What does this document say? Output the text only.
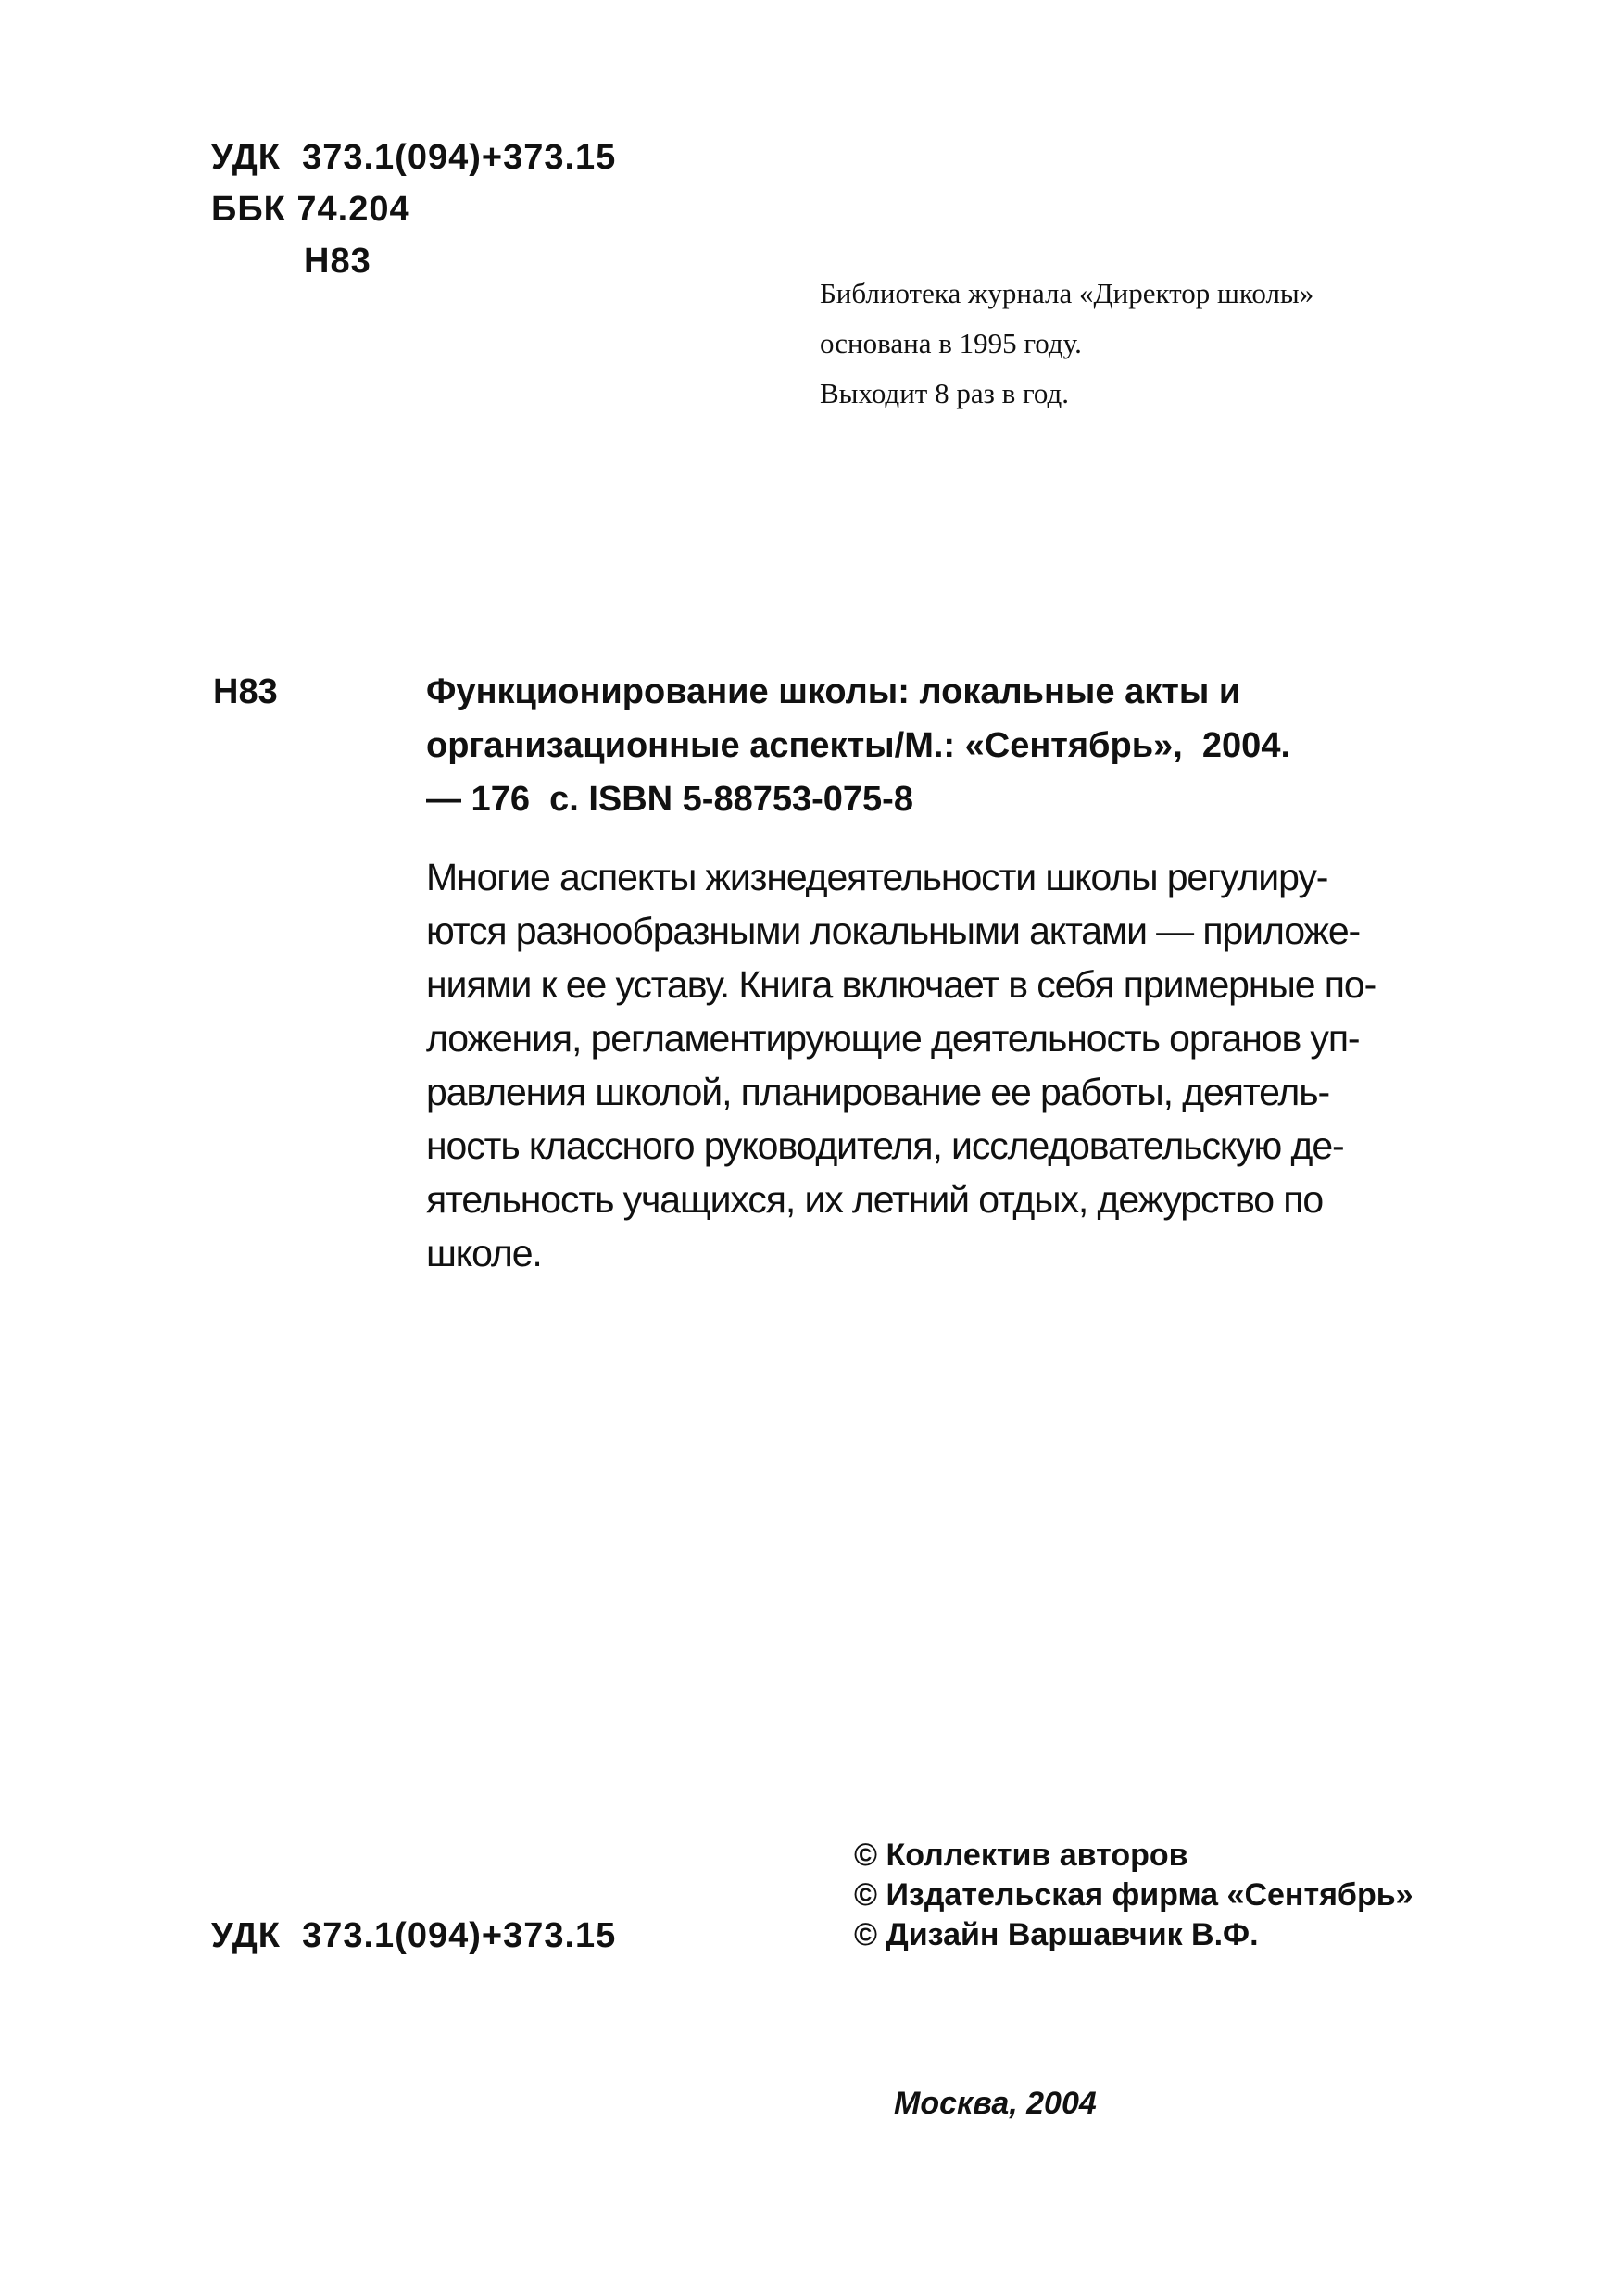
УДК  373.1(094)+373.15
ББК 74.204
Н83
Библиотека журнала «Директор школы»
основана в 1995 году.
Выходит 8 раз в год.
Н83	Функционирование школы: локальные акты и
организационные аспекты/М.: «Сентябрь»,  2004.
— 176  с. ISBN 5-88753-075-8
Многие аспекты жизнедеятельности школы регулиру-
ются разнообразными локальными актами — приложе-
ниями к ее уставу. Книга включает в себя примерные по-
ложения, регламентирующие деятельность органов уп-
равления школой, планирование ее работы, деятель-
ность классного руководителя, исследовательскую де-
ятельность учащихся, их летний отдых, дежурство по
школе.
УДК  373.1(094)+373.15
© Коллектив авторов
© Издательская фирма «Сентябрь»
© Дизайн Варшавчик В.Ф.
Москва, 2004
